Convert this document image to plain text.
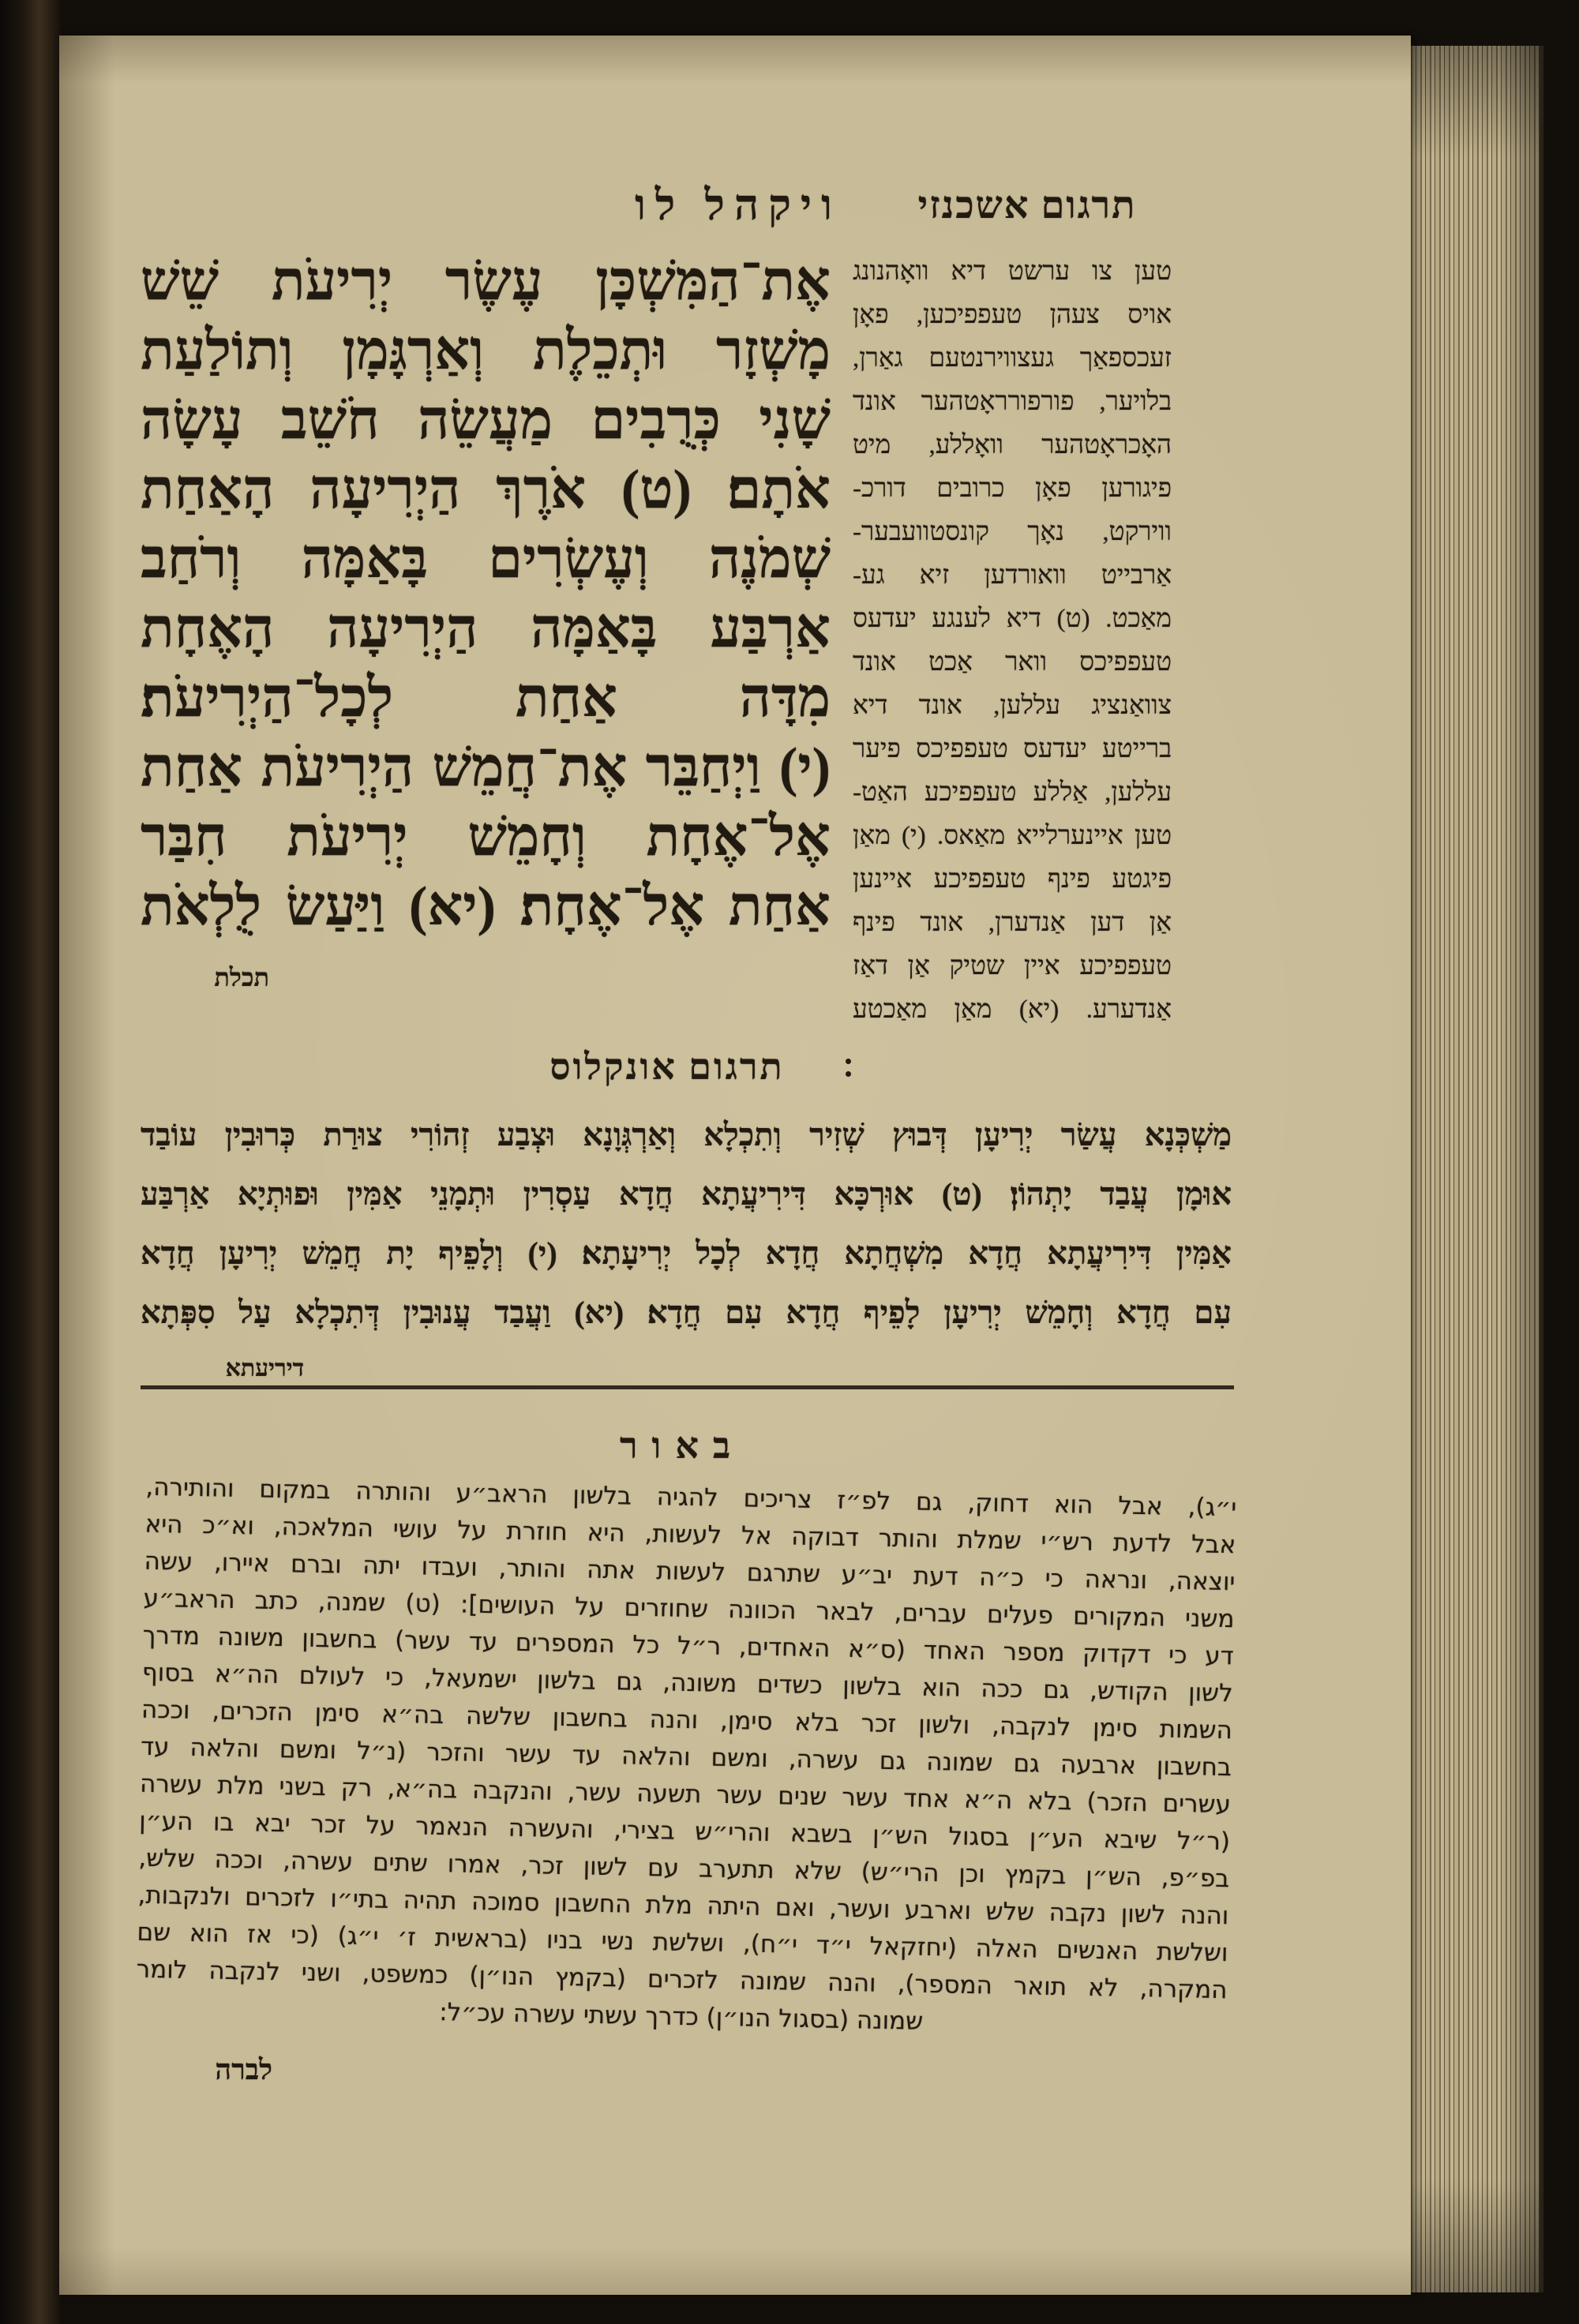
ויקהל לו	תרגום אשכנזי
אֶת־הַמִּשְׁכָּן עֶשֶׂר יְרִיעֹת שֵׁשׁ
מָשְׁזָר וּתְכֵלֶת וְאַרְגָּמָן וְתוֹלַעַת
שָׁנִי כְּרֻבִים מַעֲשֵׂה חֹשֵׁב עָשָׂה
אֹתָם׃ (ט) אֹרֶךְ הַיְרִיעָה הָאַחַת
שְׁמֹנֶה וְעֶשְׂרִים בָּאַמָּה וְרֹחַב
אַרְבַּע בָּאַמָּה הַיְרִיעָה הָאֶחָת
מִדָּה אַחַת לְכָל־הַיְרִיעֹת׃
(י) וַיְחַבֵּר אֶת־חֲמֵשׁ הַיְרִיעֹת אַחַת
אֶל־אֶחָת וְחָמֵשׁ יְרִיעֹת חִבַּר
אַחַת אֶל־אֶחָת׃ (יא) וַיַּעַשׂ לֻלְאֹת
תכלת
טען צו ערשט דיא וואָהנונג
אויס צעהן טעפפיכען, פאָן
זעכספאַך געצווירנטעם גאַרן,
בלויער, פורפורראָטהער אונד
האָכראָטהער וואָללע, מיט
פיגורען פאָן כרובים דורכ-
ווירקט, נאָך קונסטוועבער-
אַרבייט וואורדען זיא גע-
מאַכט. (ט) דיא לענגע יעדעס
טעפפיכס וואר אַכט אונד
צוואַנציג עללען, אונד דיא
ברייטע יעדעס טעפפיכס פיער
עללען, אַללע טעפפיכע האַט-
טען איינערלייא מאַאס. (י) מאַן
פיגטע פינף טעפפיכע איינען
אַן דען אַנדערן, אונד פינף
טעפפיכע איין שטיק אַן דאַז
אַנדערע. (יא) מאַן מאַכטע
תרגום אונקלוס
מַשְׁכְּנָא עֲשַׂר יְרִיעָן דְּבוּץ שְׁזִיר וְתִכְלָא וְאַרְגְּוָנָא וּצְבַע זְהוֹרִי צוּרַת כְּרוּבִין עוֹבַד
אוּמָן עֲבַד יָתְהוֹן׃ (ט) אוּרְכָּא דִּירִיעֲתָא חֲדָא עַסְרִין וּתְמָנֵי אַמִּין וּפוּתְיָא אַרְבַּע
אַמִּין דִּירִיעֲתָא חֲדָא מִשְׁחֲתָא חֲדָא לְכָל יְרִיעָתָא׃ (י) וְלָפֵיף יָת חֲמֵשׁ יְרִיעָן חֲדָא
עִם חֲדָא וְחָמֵשׁ יְרִיעָן לָפֵיף חֲדָא עִם חֲדָא׃ (יא) וַעֲבַד עֲנוּבִין דְּתִכְלָא עַל סִפְּתָא
דיריעתא
באור
י״ג), אבל הוא דחוק, גם לפ״ז צריכים להגיה בלשון הראב״ע והותרה במקום והותירה,
אבל לדעת רש״י שמלת והותר דבוקה אל לעשות, היא חוזרת על עושי המלאכה, וא״כ היא
יוצאה, ונראה כי כ״ה דעת יב״ע שתרגם לעשות אתה והותר, ועבדו יתה וברם איירו, עשה
משני המקורים פעלים עברים, לבאר הכוונה שחוזרים על העושים]: (ט) שמנה, כתב הראב״ע
דע כי דקדוק מספר האחד (ס״א האחדים, ר״ל כל המספרים עד עשר) בחשבון משונה מדרך
לשון הקודש, גם ככה הוא בלשון כשדים משונה, גם בלשון ישמעאל, כי לעולם הה״א בסוף
השמות סימן לנקבה, ולשון זכר בלא סימן, והנה בחשבון שלשה בה״א סימן הזכרים, וככה
בחשבון ארבעה גם שמונה גם עשרה, ומשם והלאה עד עשר והזכר (נ״ל ומשם והלאה עד
עשרים הזכר) בלא ה״א אחד עשר שנים עשר תשעה עשר, והנקבה בה״א, רק בשני מלת עשרה
(ר״ל שיבא הע״ן בסגול הש״ן בשבא והרי״ש בצירי, והעשרה הנאמר על זכר יבא בו הע״ן
בפ״פ, הש״ן בקמץ וכן הרי״ש) שלא תתערב עם לשון זכר, אמרו שתים עשרה, וככה שלש,
והנה לשון נקבה שלש וארבע ועשר, ואם היתה מלת החשבון סמוכה תהיה בתי״ו לזכרים ולנקבות,
ושלשת האנשים האלה (יחזקאל י״ד י״ח), ושלשת נשי בניו (בראשית ז׳ י״ג) (כי אז הוא שם
המקרה, לא תואר המספר), והנה שמונה לזכרים (בקמץ הנו״ן) כמשפט, ושני לנקבה לומר
שמונה (בסגול הנו״ן) כדרך עשתי עשרה עכ״ל:
לברה
